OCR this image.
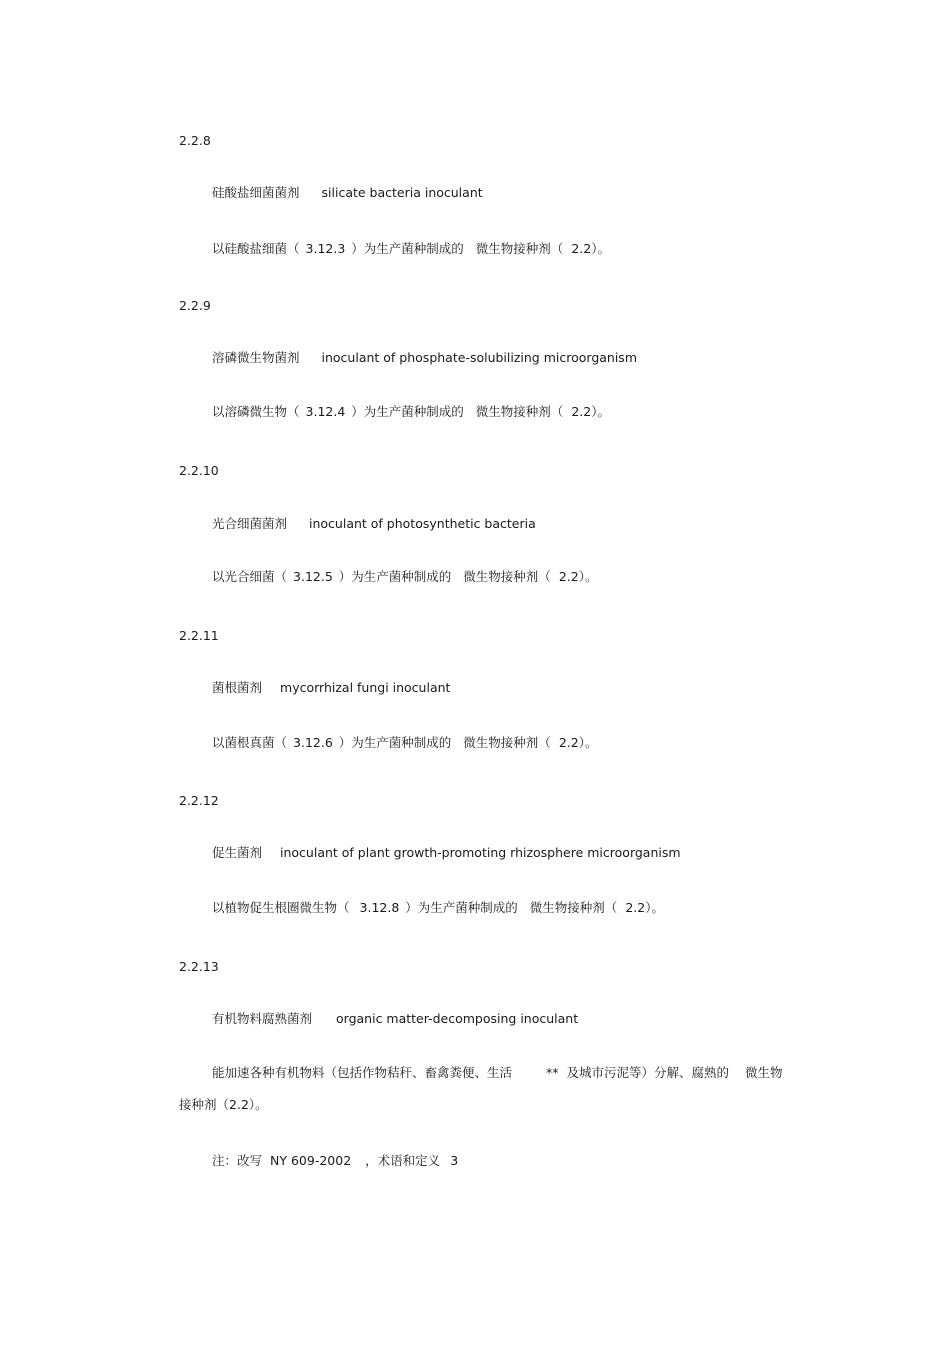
2.2.8
硅酸盐细菌菌剂 silicate bacteria inoculant
以硅酸盐细菌（ 3.12.3 ）为生产菌种制成的 微生物接种剂（ 2.2）。
2.2.9
溶磷微生物菌剂 inoculant of phosphate-solubilizing microorganism
以溶磷微生物（ 3.12.4 ）为生产菌种制成的 微生物接种剂（ 2.2）。
2.2.10
光合细菌菌剂 inoculant of photosynthetic bacteria
以光合细菌（ 3.12.5 ）为生产菌种制成的 微生物接种剂（ 2.2）。
2.2.11
菌根菌剂 mycorrhizal fungi inoculant
以菌根真菌（ 3.12.6 ）为生产菌种制成的 微生物接种剂（ 2.2）。
2.2.12
促生菌剂 inoculant of plant growth-promoting rhizosphere microorganism
以植物促生根圈微生物（ 3.12.8 ）为生产菌种制成的 微生物接种剂（ 2.2）。
2.2.13
有机物料腐熟菌剂 organic matter-decomposing inoculant
能加速各种有机物料（包括作物秸秆、畜禽粪便、生活	** 及城市污泥等）分解、腐熟的 微生物
接种剂（2.2）。
注：改写 NY 609-2002 ，术语和定义 3
